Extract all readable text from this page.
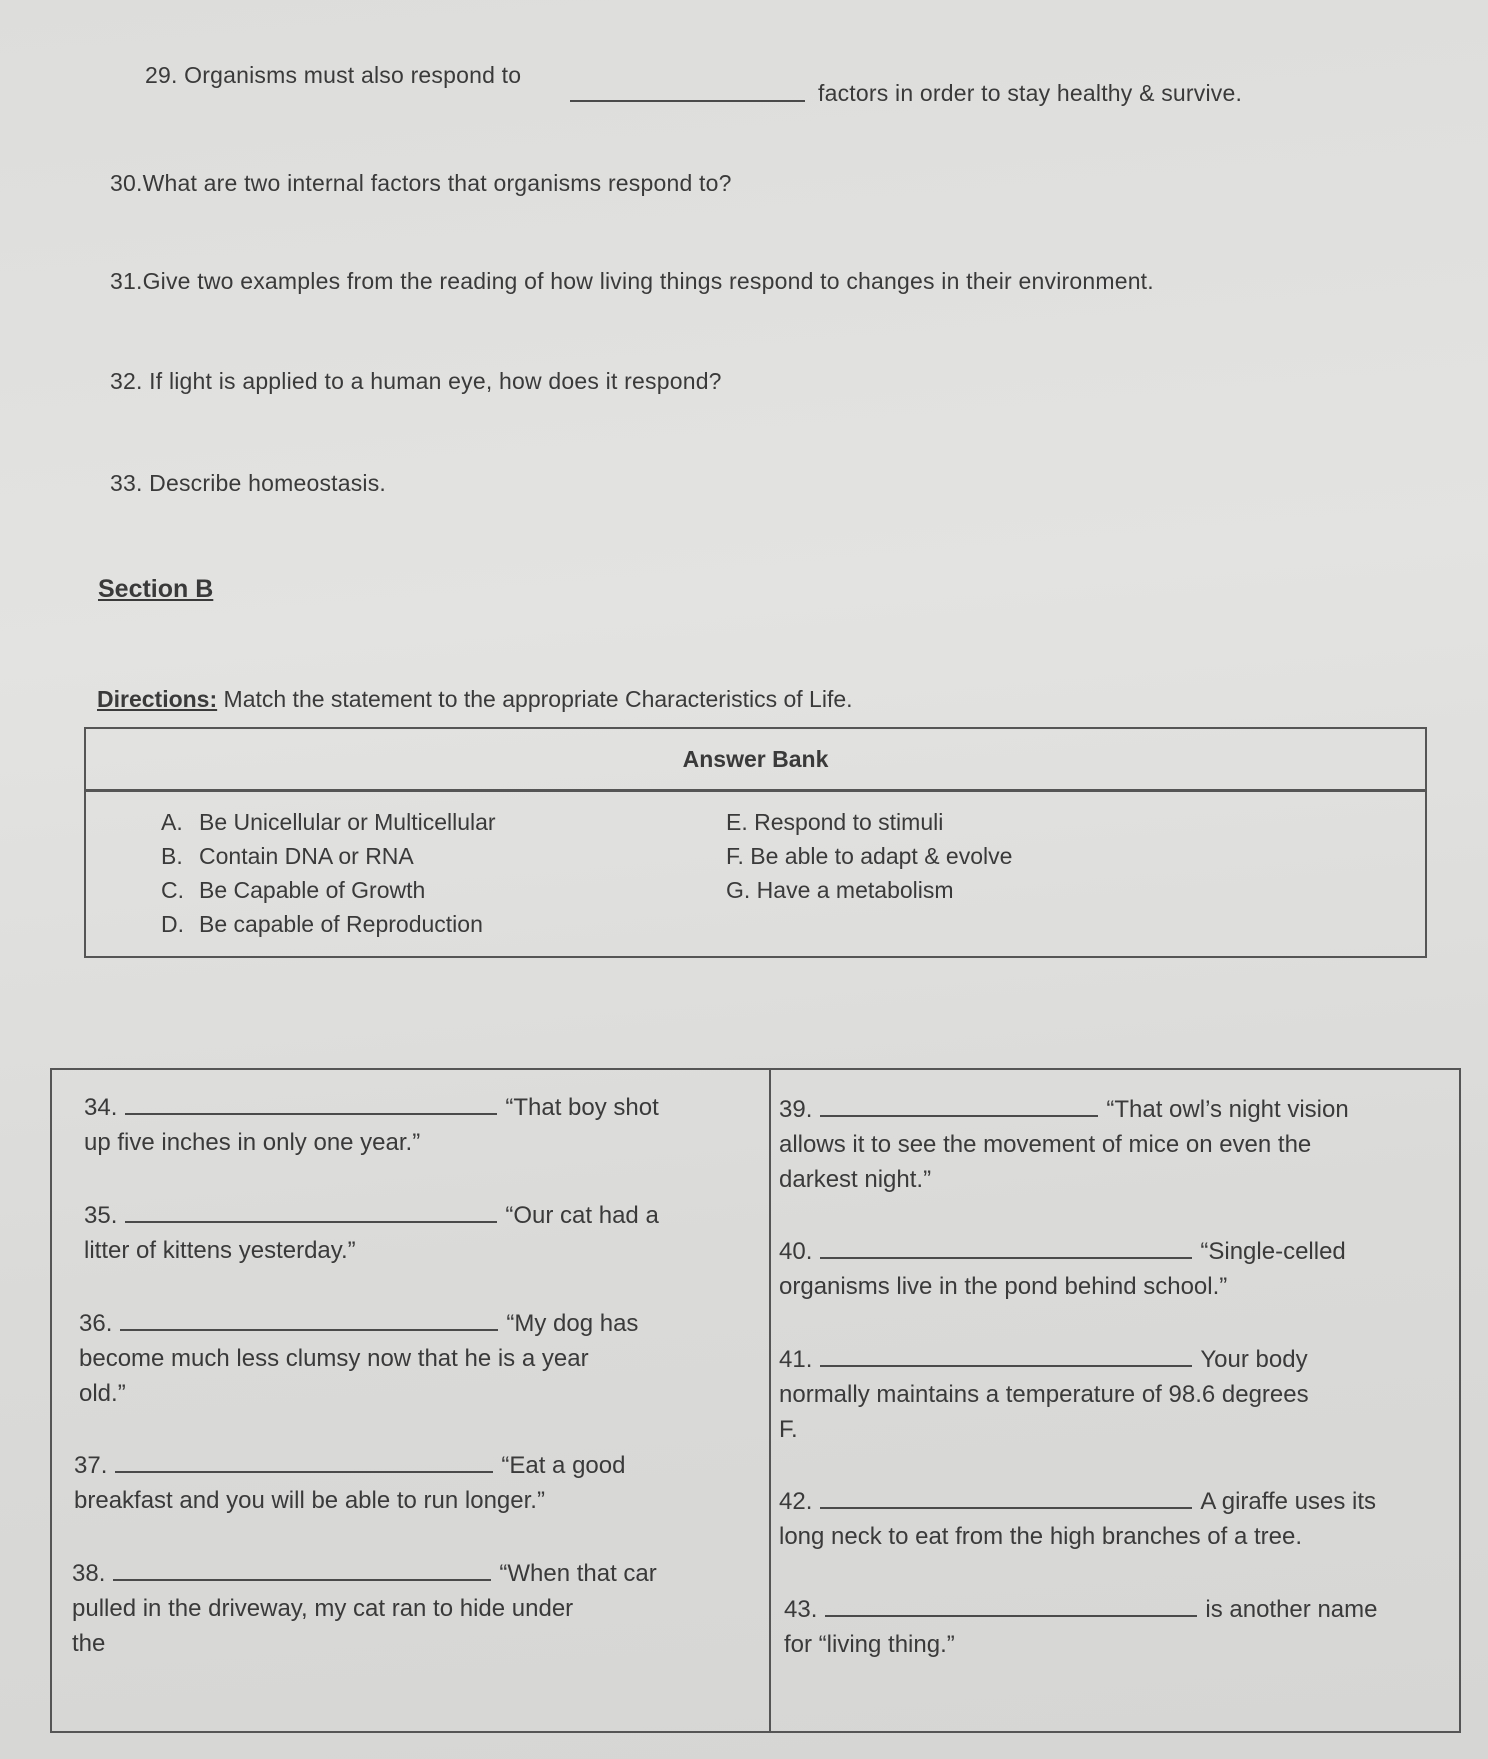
29. Organisms must also respond to
factors in order to stay healthy & survive.
30.What are two internal factors that organisms respond to?
31.Give two examples from the reading of how living things respond to changes in their environment.
32. If light is applied to a human eye, how does it respond?
33. Describe homeostasis.
Section B
Directions: Match the statement to the appropriate Characteristics of Life.
Answer Bank
A. Be Unicellular or Multicellular
B. Contain DNA or RNA
C. Be Capable of Growth
D. Be capable of Reproduction
E. Respond to stimuli
F. Be able to adapt & evolve
G. Have a metabolism
34.	“That boy shot
up five inches in only one year.”
35.	“Our cat had a
litter of kittens yesterday.”
36.	“My dog has
become much less clumsy now that he is a year
old.”
37.	“Eat a good
breakfast and you will be able to run longer.”
38.	“When that car
pulled in the driveway, my cat ran to hide under
the
39.	“That owl’s night vision
allows it to see the movement of mice on even the
darkest night.”
40.	“Single-celled
organisms live in the pond behind school.”
41.	Your body
normally maintains a temperature of 98.6 degrees
F.
42.	A giraffe uses its
long neck to eat from the high branches of a tree.
43.	is another name
for “living thing.”
